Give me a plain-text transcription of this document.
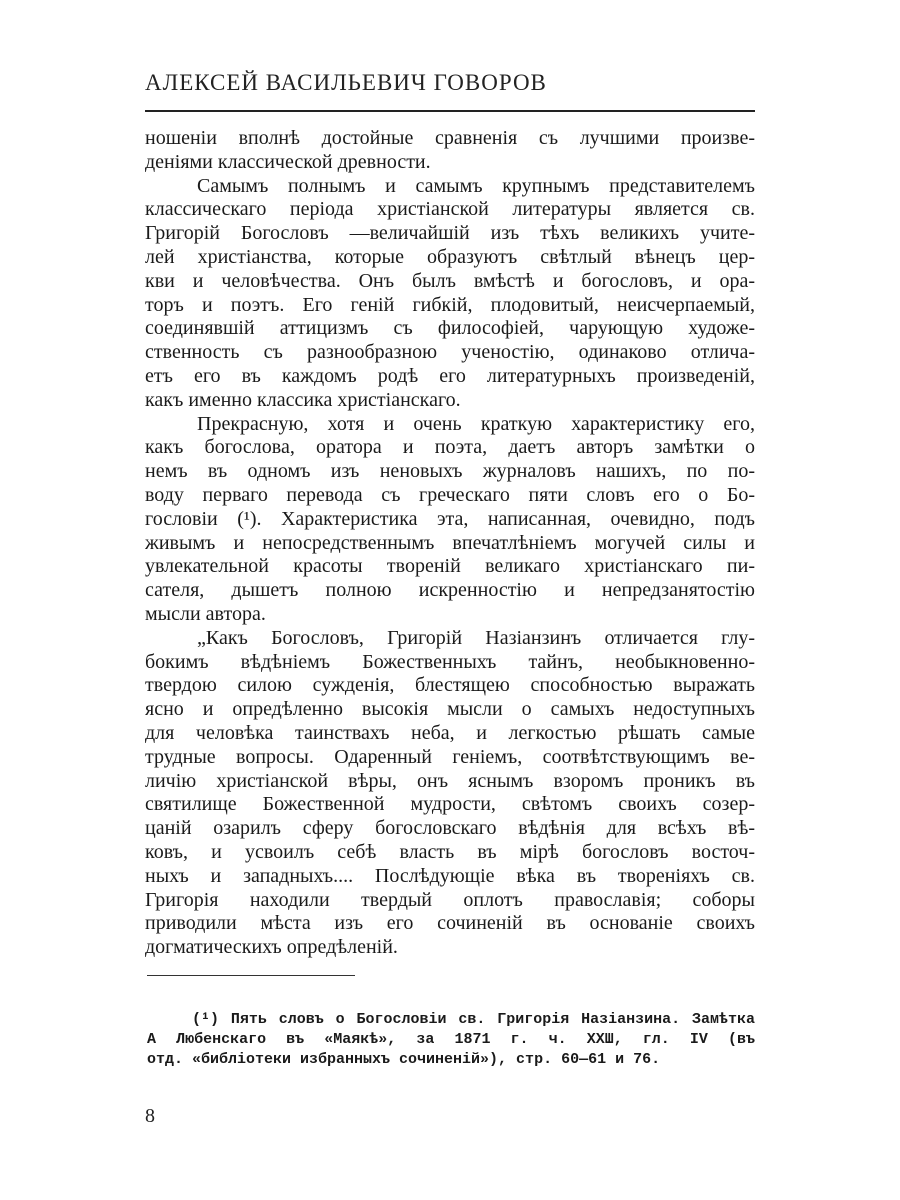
АЛЕКСЕЙ ВАСИЛЬЕВИЧ ГОВОРОВ
ношеніи вполнѣ достойные сравненія съ лучшими произве-
деніями классической древности.
Самымъ полнымъ и самымъ крупнымъ представителемъ
классическаго періода христіанской литературы является св.
Григорій Богословъ —величайшій изъ тѣхъ великихъ учите-
лей христіанства, которые образуютъ свѣтлый вѣнецъ цер-
кви и человѣчества. Онъ былъ вмѣстѣ и богословъ, и ора-
торъ и поэтъ. Его геній гибкій, плодовитый, неисчерпаемый,
соединявшій аттицизмъ съ философіей, чарующую художе-
ственность съ разнообразною ученостію, одинаково отлича-
етъ его въ каждомъ родѣ его литературныхъ произведеній,
какъ именно классика христіанскаго.
Прекрасную, хотя и очень краткую характеристику его,
какъ богослова, оратора и поэта, даетъ авторъ замѣтки о
немъ въ одномъ изъ неновыхъ журналовъ нашихъ, по по-
воду перваго перевода съ греческаго пяти словъ его о Бо-
гословіи (¹). Характеристика эта, написанная, очевидно, подъ
живымъ и непосредственнымъ впечатлѣніемъ могучей силы и
увлекательной красоты твореній великаго христіанскаго пи-
сателя, дышетъ полною искренностію и непредзанятостію
мысли автора.
„Какъ Богословъ, Григорій Назіанзинъ отличается глу-
бокимъ вѣдѣніемъ Божественныхъ тайнъ, необыкновенно-
твердою силою сужденія, блестящею способностью выражать
ясно и опредѣленно высокія мысли о самыхъ недоступныхъ
для человѣка таинствахъ неба, и легкостью рѣшать самые
трудные вопросы. Одаренный геніемъ, соотвѣтствующимъ ве-
личію христіанской вѣры, онъ яснымъ взоромъ проникъ въ
святилище Божественной мудрости, свѣтомъ своихъ созер-
цаній озарилъ сферу богословскаго вѣдѣнія для всѣхъ вѣ-
ковъ, и усвоилъ себѣ власть въ мірѣ богословъ восточ-
ныхъ и западныхъ.... Послѣдующіе вѣка въ твореніяхъ св.
Григорія находили твердый оплотъ православія; соборы
приводили мѣста изъ его сочиненій въ основаніе своихъ
догматическихъ опредѣленій.
(¹) Пять словъ о Богословіи св. Григорія Назіанзина. Замѣтка
А Любенскаго въ «Маякѣ», за 1871 г. ч. ХХШ, гл. IV (въ
отд. «библіотеки избранныхъ сочиненій»), стр. 60—61 и 76.
8
